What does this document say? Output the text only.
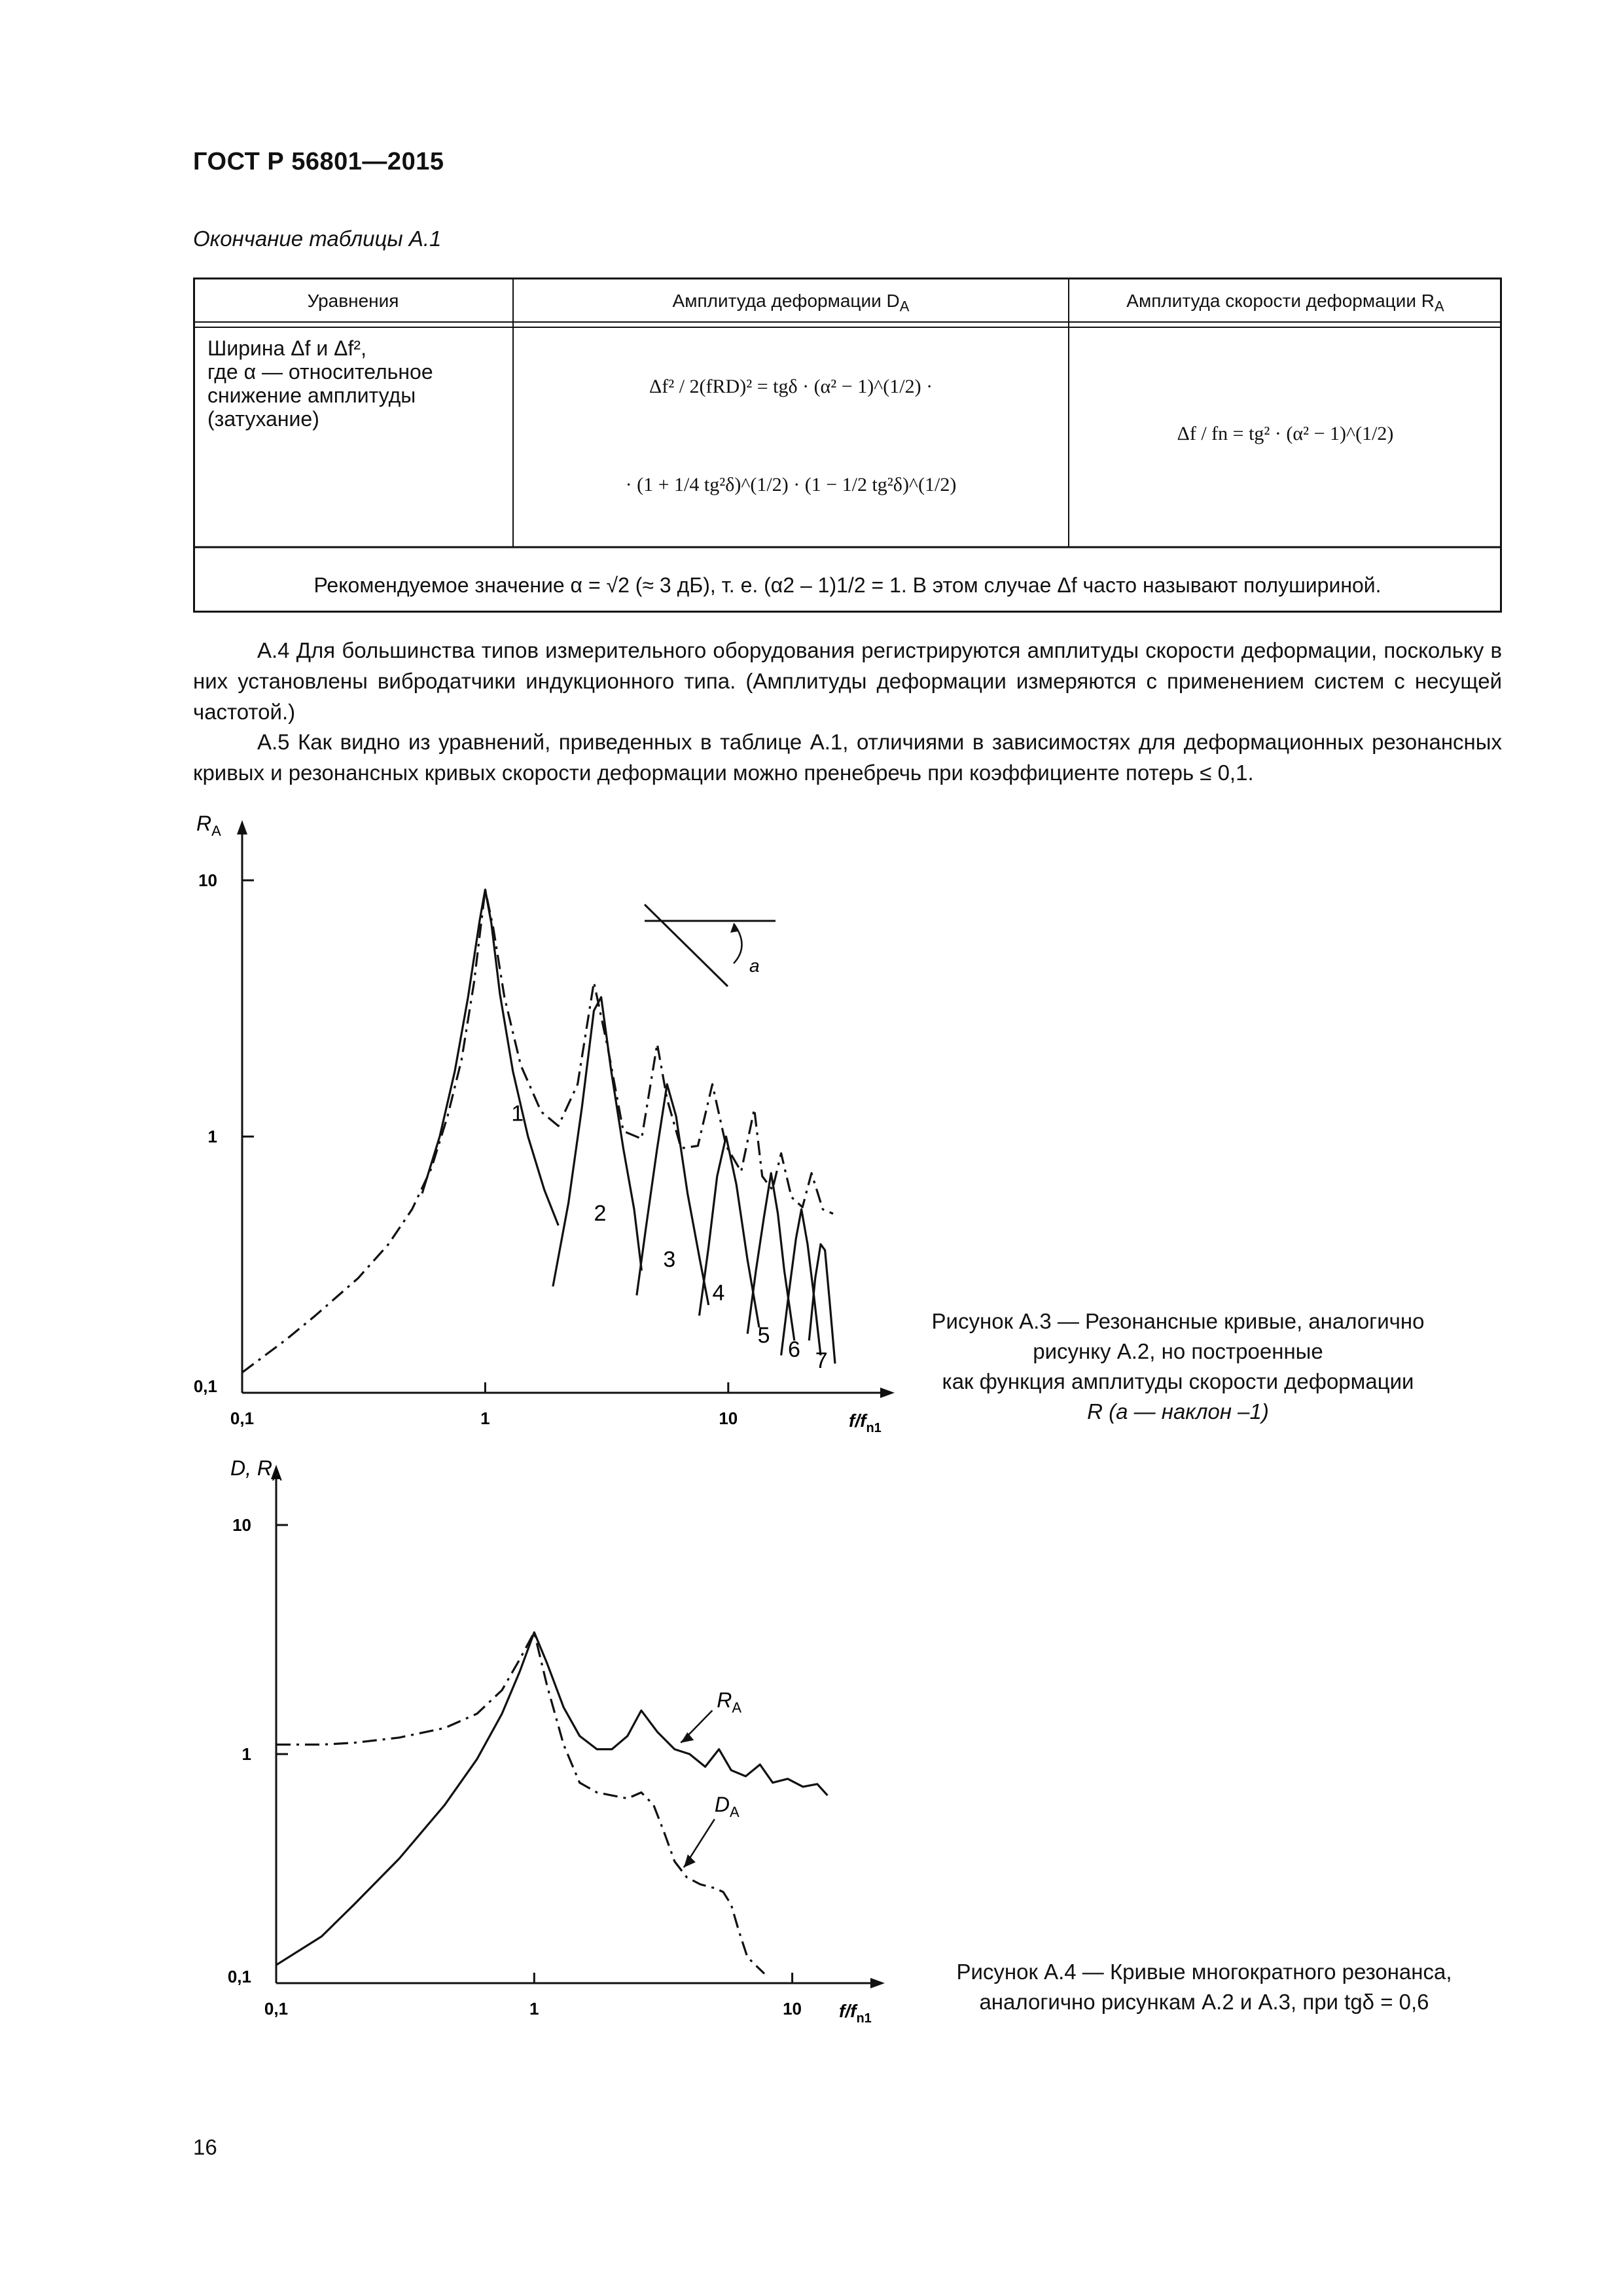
ГОСТ Р 56801—2015
Окончание таблицы А.1
Уравнения	Амплитуда деформации $D_A$	Амплитуда скорости деформации $R_A$
Ширина Δf и Δf²,
где α — относительное
снижение амплитуды
(затухание)
Δf² / 2(fRD)² = tgδ · (α² − 1)^(1/2) ·
· (1 + 1/4 tg²δ)^(1/2) · (1 − 1/2 tg²δ)^(1/2)
Δf / fn = tg² · (α² − 1)^(1/2)
Рекомендуемое значение α = √2 (≈ 3 дБ), т. е. (α2 – 1)1/2 = 1. В этом случае Δf часто называют полушириной.
А.4 Для большинства типов измерительного оборудования регистрируются амплитуды скорости деформации, поскольку в них установлены вибродатчики индукционного типа. (Амплитуды деформации измеряются с применением систем с несущей частотой.)
А.5 Как видно из уравнений, приведенных в таблице А.1, отличиями в зависимостях для деформационных резонансных кривых и резонансных кривых скорости деформации можно пренебречь при коэффициенте потерь ≤ 0,1.
0,1
0,1
1
1
10
10
$R_A$
$f/f_{n1}$
1
2
3
4
5
6 7
a
Рисунок А.3 — Резонансные кривые, аналогично
рисунку А.2, но построенные
как функция амплитуды скорости деформации
R (а — наклон –1)
0,1
0,1
1
1
10
10
D, $R_A$
$f/f_{n1}$
$R_A$
$D_A$
Рисунок А.4 — Кривые многократного резонанса,
аналогично рисункам А.2 и А.3, при tgδ = 0,6
16
